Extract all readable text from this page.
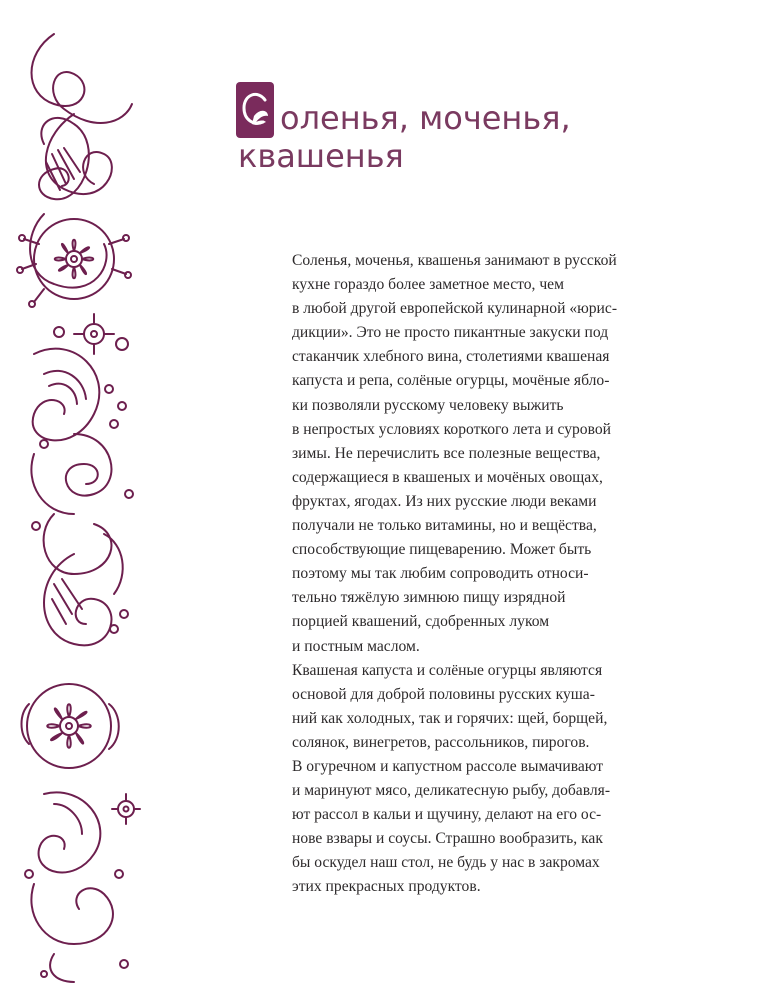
оленья, моченья,
квашенья
Соленья, моченья, квашенья занимают в русской
кухне гораздо более заметное место, чем
в любой другой европейской кулинарной «юрис-
дикции». Это не просто пикантные закуски под
стаканчик хлебного вина, столетиями квашеная
капуста и репа, солёные огурцы, мочёные ябло-
ки позволяли русскому человеку выжить
в непростых условиях короткого лета и суровой
зимы. Не перечислить все полезные вещества,
содержащиеся в квашеных и мочёных овощах,
фруктах, ягодах. Из них русские люди веками
получали не только витамины, но и вещёства,
способствующие пищеварению. Может быть
поэтому мы так любим сопроводить относи-
тельно тяжёлую зимнюю пищу изрядной
порцией квашений, сдобренных луком
и постным маслом.
Квашеная капуста и солёные огурцы являются
основой для доброй половины русских куша-
ний как холодных, так и горячих: щей, борщей,
солянок, винегретов, рассольников, пирогов.
В огуречном и капустном рассоле вымачивают
и маринуют мясо, деликатесную рыбу, добавля-
ют рассол в кальи и щучину, делают на его ос-
нове взвары и соусы. Страшно вообразить, как
бы оскудел наш стол, не будь у нас в закромах
этих прекрасных продуктов.
